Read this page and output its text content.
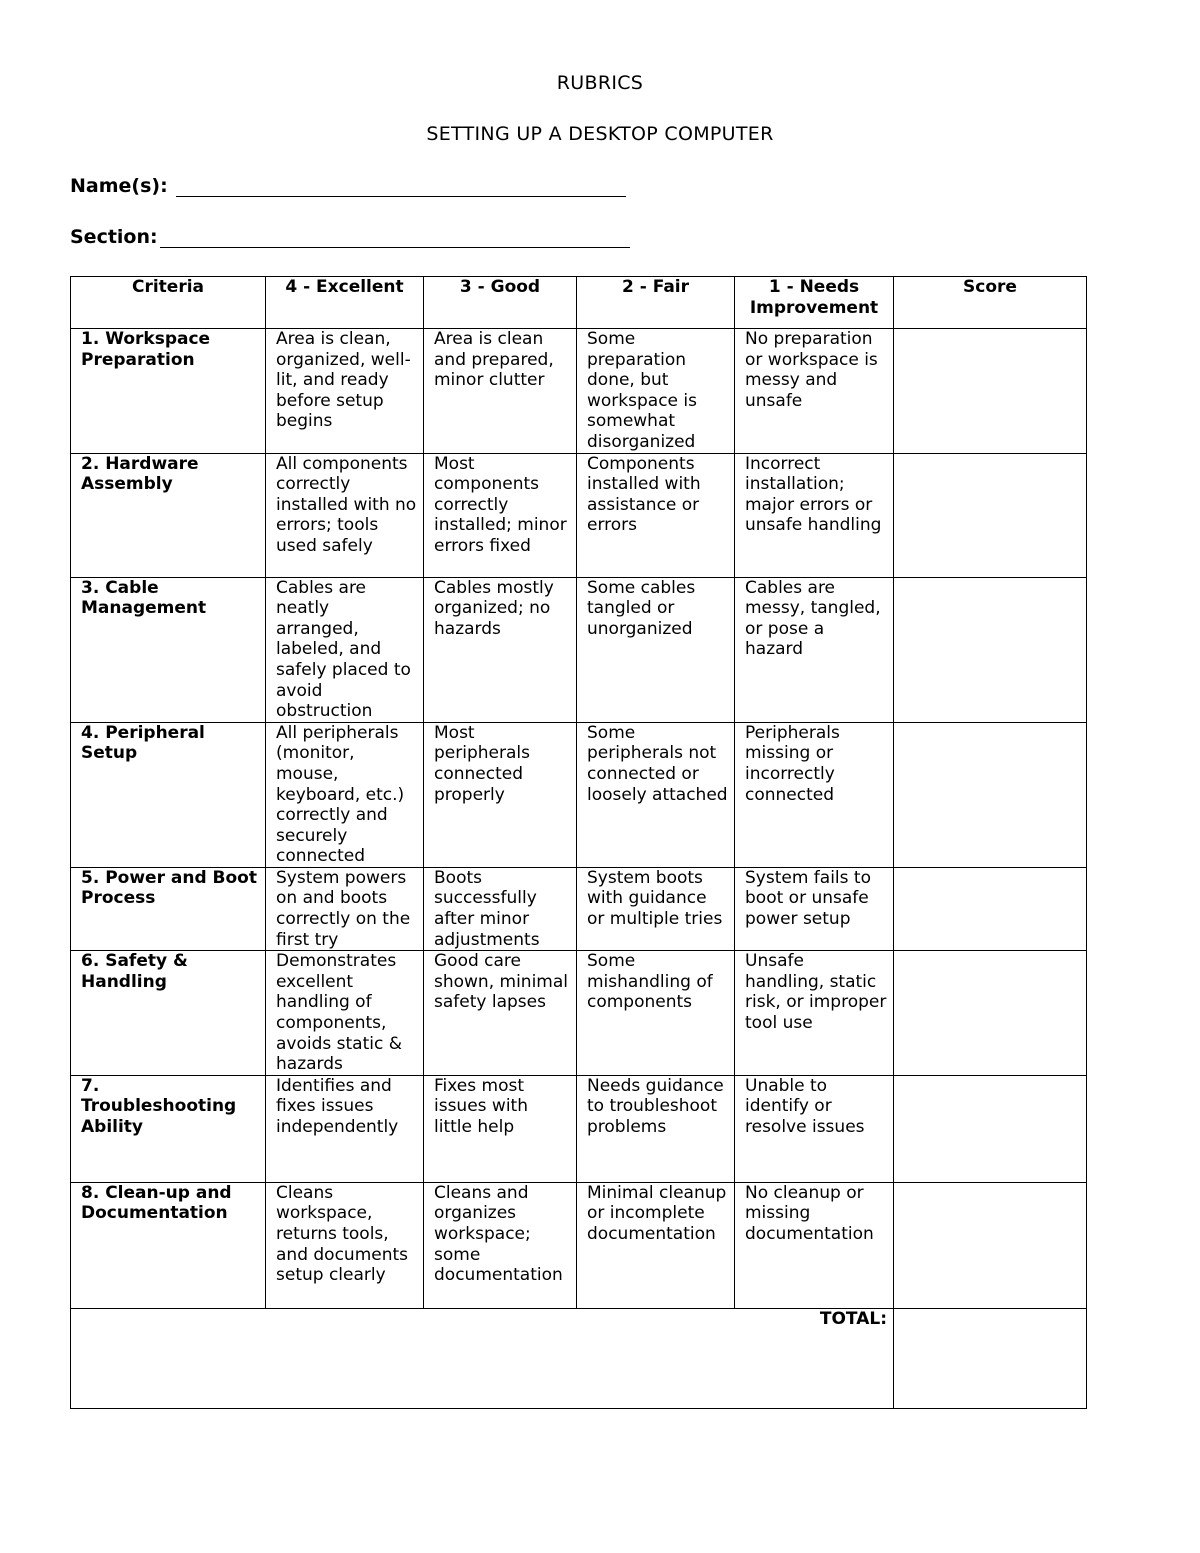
RUBRICS
SETTING UP A DESKTOP COMPUTER
Name(s):
Section:
Criteria	4 - Excellent	3 - Good	2 - Fair	1 - Needs Improvement	Score
1. Workspace Preparation	Area is clean, organized, well-lit, and ready before setup begins	Area is clean and prepared, minor clutter	Some preparation done, but workspace is somewhat disorganized	No preparation or workspace is messy and unsafe	
2. Hardware Assembly	All components correctly installed with no errors; tools used safely	Most components correctly installed; minor errors fixed	Components installed with assistance or errors	Incorrect installation; major errors or unsafe handling	
3. Cable Management	Cables are neatly arranged, labeled, and safely placed to avoid obstruction	Cables mostly organized; no hazards	Some cables tangled or unorganized	Cables are messy, tangled, or pose a hazard	
4. Peripheral Setup	All peripherals (monitor, mouse, keyboard, etc.) correctly and securely connected	Most peripherals connected properly	Some peripherals not connected or loosely attached	Peripherals missing or incorrectly connected	
5. Power and Boot Process	System powers on and boots correctly on the first try	Boots successfully after minor adjustments	System boots with guidance or multiple tries	System fails to boot or unsafe power setup	
6. Safety & Handling	Demonstrates excellent handling of components, avoids static & hazards	Good care shown, minimal safety lapses	Some mishandling of components	Unsafe handling, static risk, or improper tool use	
7. Troubleshooting Ability	Identifies and fixes issues independently	Fixes most issues with little help	Needs guidance to troubleshoot problems	Unable to identify or resolve issues	
8. Clean-up and Documentation	Cleans workspace, returns tools, and documents setup clearly	Cleans and organizes workspace; some documentation	Minimal cleanup or incomplete documentation	No cleanup or missing documentation	
TOTAL:					
